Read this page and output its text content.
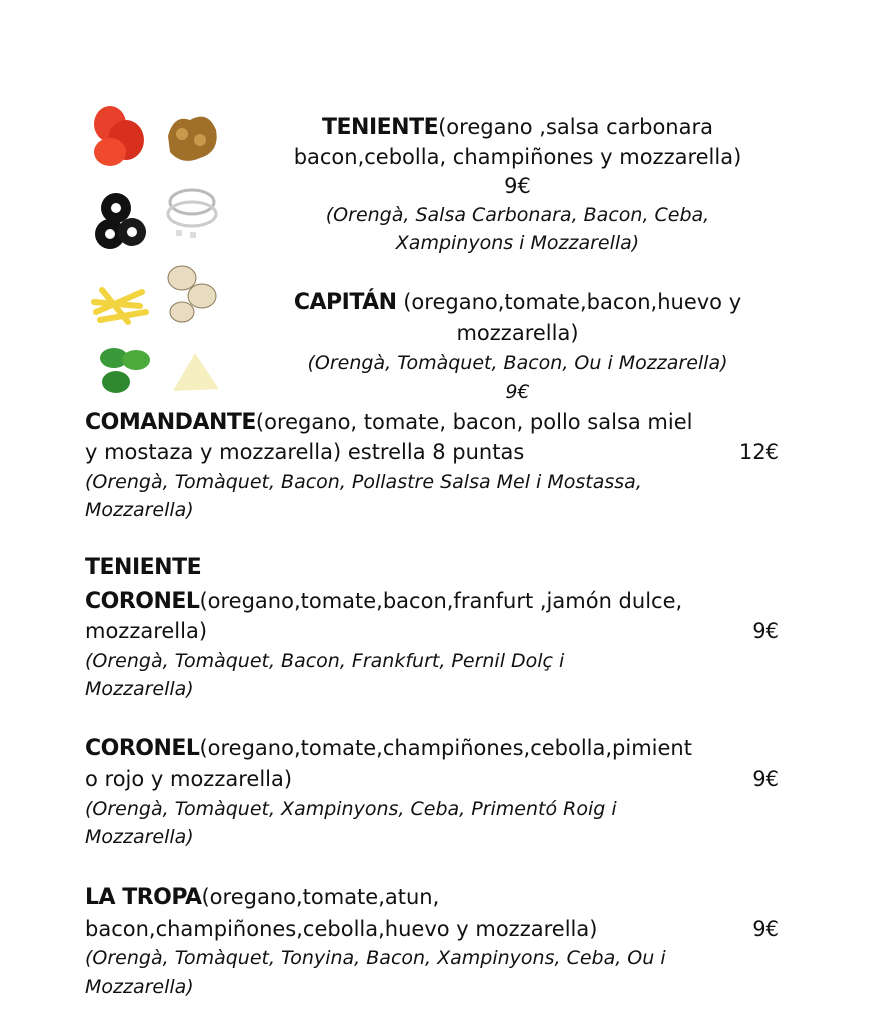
TENIENTE(oregano ,salsa carbonara
bacon,cebolla, champiñones y mozzarella)
9€
(Orengà, Salsa Carbonara, Bacon, Ceba,
Xampinyons i Mozzarella)
CAPITÁN (oregano,tomate,bacon,huevo y
mozzarella)
(Orengà, Tomàquet, Bacon, Ou i Mozzarella)
9€
COMANDANTE(oregano, tomate, bacon, pollo salsa miel
y mostaza y mozzarella) estrella 8 puntas	12€
(Orengà, Tomàquet, Bacon, Pollastre Salsa Mel i Mostassa,
Mozzarella)
TENIENTE
CORONEL(oregano,tomate,bacon,franfurt ,jamón dulce,
mozzarella)	9€
(Orengà, Tomàquet, Bacon, Frankfurt, Pernil Dolç i
Mozzarella)
CORONEL(oregano,tomate,champiñones,cebolla,pimient
o rojo y mozzarella)	9€
(Orengà, Tomàquet, Xampinyons, Ceba, Primentó Roig i
Mozzarella)
LA TROPA(oregano,tomate,atun,
bacon,champiñones,cebolla,huevo y mozzarella)	9€
(Orengà, Tomàquet, Tonyina, Bacon, Xampinyons, Ceba, Ou i
Mozzarella)
